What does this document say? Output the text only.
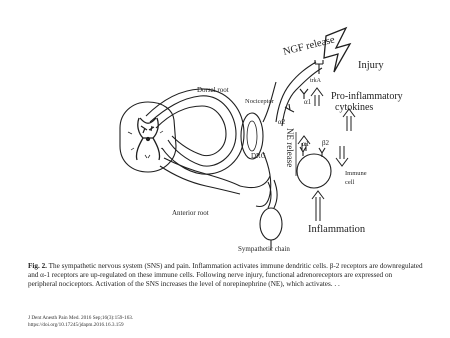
NGF release
Injury
trkA
Dorsal root
Nociceptor	α1
α2
Pro-inflammatory
cytokines
NE release
DRG
α1 β2
Immune
cell
Anterior root
Inflammation
Sympathetic chain
Fig. 2. The sympathetic nervous system (SNS) and pain. Inflammation activates immune dendritic cells. β-2 receptors are downregulated and α-1 receptors are up-regulated on these immune cells. Following nerve injury, functional adrenoreceptors are expressed on peripheral nociceptors. Activation of the SNS increases the level of norepinephrine (NE), which activates. . .
J Dent Anesth Pain Med. 2016 Sep;16(3):159-163.
https://doi.org/10.17245/jdapm.2016.16.3.159
